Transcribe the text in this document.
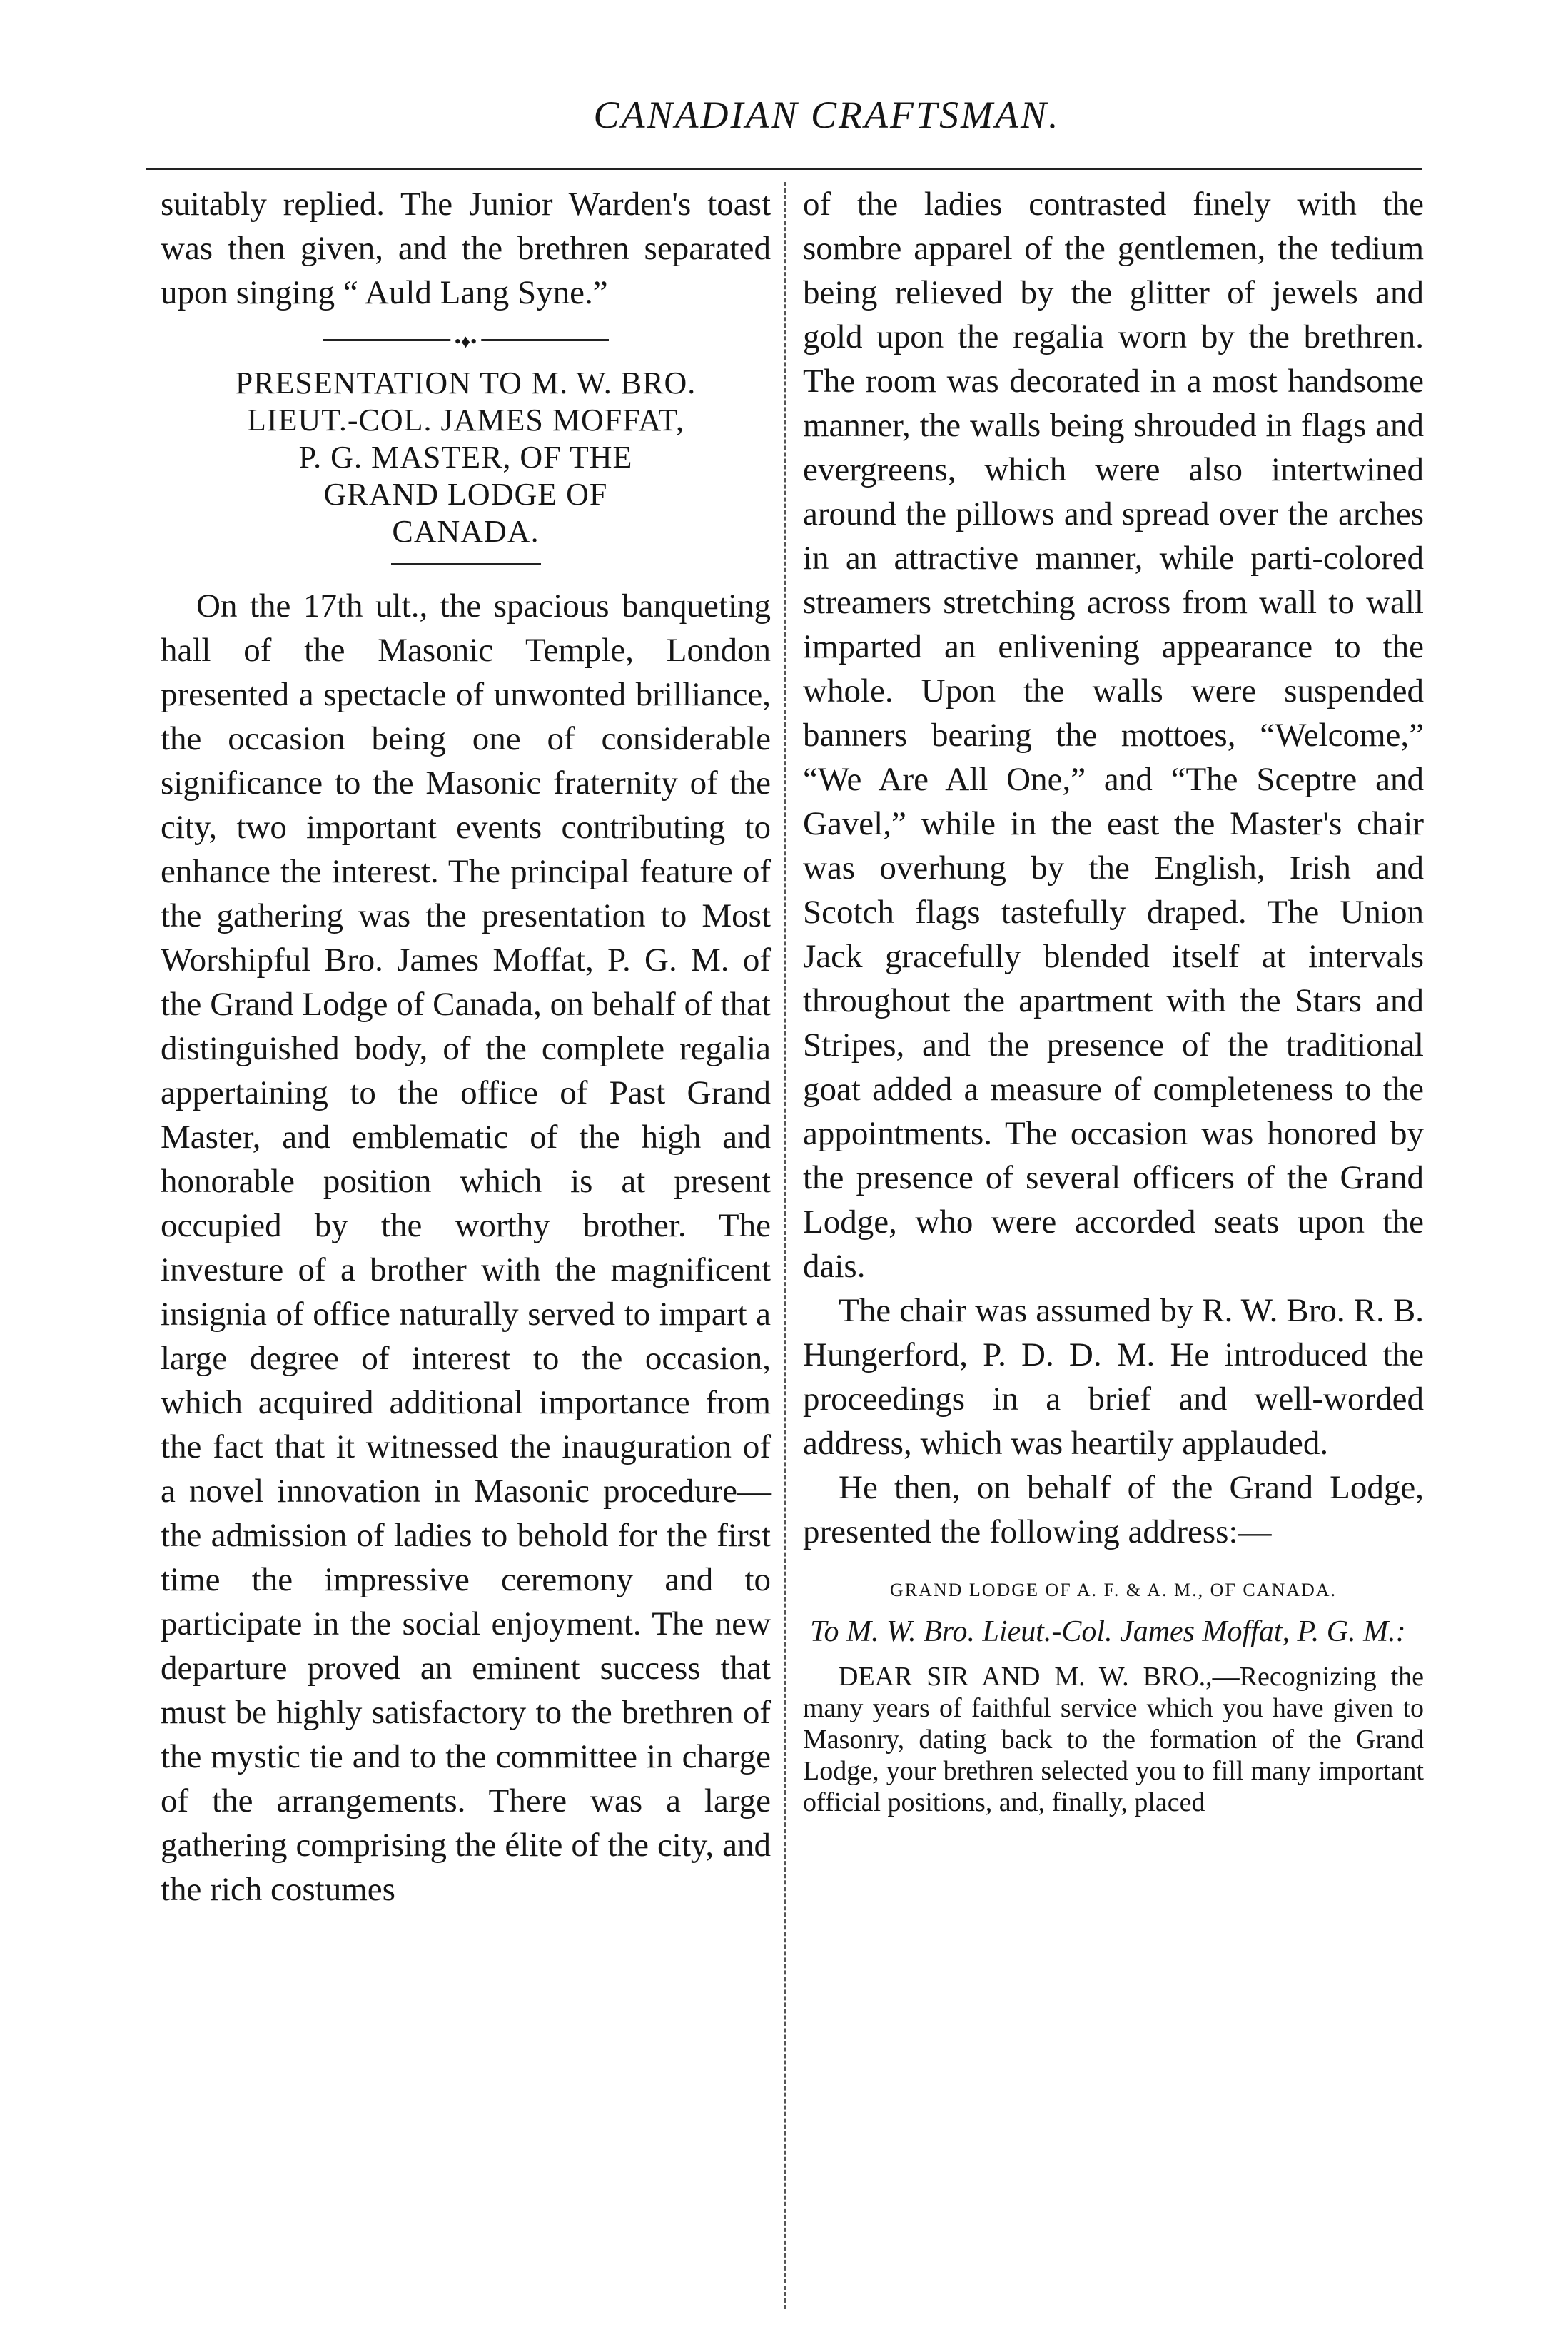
CANADIAN CRAFTSMAN.

suitably replied. The Junior Warden's toast was then given, and the brethren separated upon singing “ Auld Lang Syne.”

•♦•
PRESENTATION TO M. W. BRO.
LIEUT.-COL. JAMES MOFFAT,
P. G. MASTER, OF THE
GRAND LODGE OF
CANADA.

On the 17th ult., the spacious banqueting hall of the Masonic Temple, London presented a spectacle of unwonted brilliance, the occasion being one of considerable significance to the Masonic fraternity of the city, two important events contributing to enhance the interest. The principal feature of the gathering was the presentation to Most Worshipful Bro. James Moffat, P. G. M. of the Grand Lodge of Canada, on behalf of that distinguished body, of the complete regalia appertaining to the office of Past Grand Master, and emblematic of the high and honorable position which is at present occupied by the worthy brother. The investure of a brother with the magnificent insignia of office naturally served to impart a large degree of interest to the occasion, which acquired additional importance from the fact that it witnessed the inauguration of a novel innovation in Masonic procedure—the admission of ladies to behold for the first time the impressive ceremony and to participate in the social enjoyment. The new departure proved an eminent success that must be highly satisfactory to the brethren of the mystic tie and to the committee in charge of the arrangements. There was a large gathering comprising the élite of the city, and the rich costumes

of the ladies contrasted finely with the sombre apparel of the gentlemen, the tedium being relieved by the glitter of jewels and gold upon the regalia worn by the brethren. The room was decorated in a most handsome manner, the walls being shrouded in flags and evergreens, which were also intertwined around the pillows and spread over the arches in an attractive manner, while parti-colored streamers stretching across from wall to wall imparted an enlivening appearance to the whole. Upon the walls were suspended banners bearing the mottoes, “Welcome,” “We Are All One,” and “The Sceptre and Gavel,” while in the east the Master's chair was overhung by the English, Irish and Scotch flags tastefully draped. The Union Jack gracefully blended itself at intervals throughout the apartment with the Stars and Stripes, and the presence of the traditional goat added a measure of completeness to the appointments. The occasion was honored by the presence of several officers of the Grand Lodge, who were accorded seats upon the dais.

The chair was assumed by R. W. Bro. R. B. Hungerford, P. D. D. M. He introduced the proceedings in a brief and well-worded address, which was heartily applauded.

He then, on behalf of the Grand Lodge, presented the following address:—

GRAND LODGE OF A. F. & A. M., OF CANADA.

To M. W. Bro. Lieut.-Col. James Moffat, P. G. M.:

DEAR SIR AND M. W. BRO.,—Recognizing the many years of faithful service which you have given to Masonry, dating back to the formation of the Grand Lodge, your brethren selected you to fill many important official positions, and, finally, placed
